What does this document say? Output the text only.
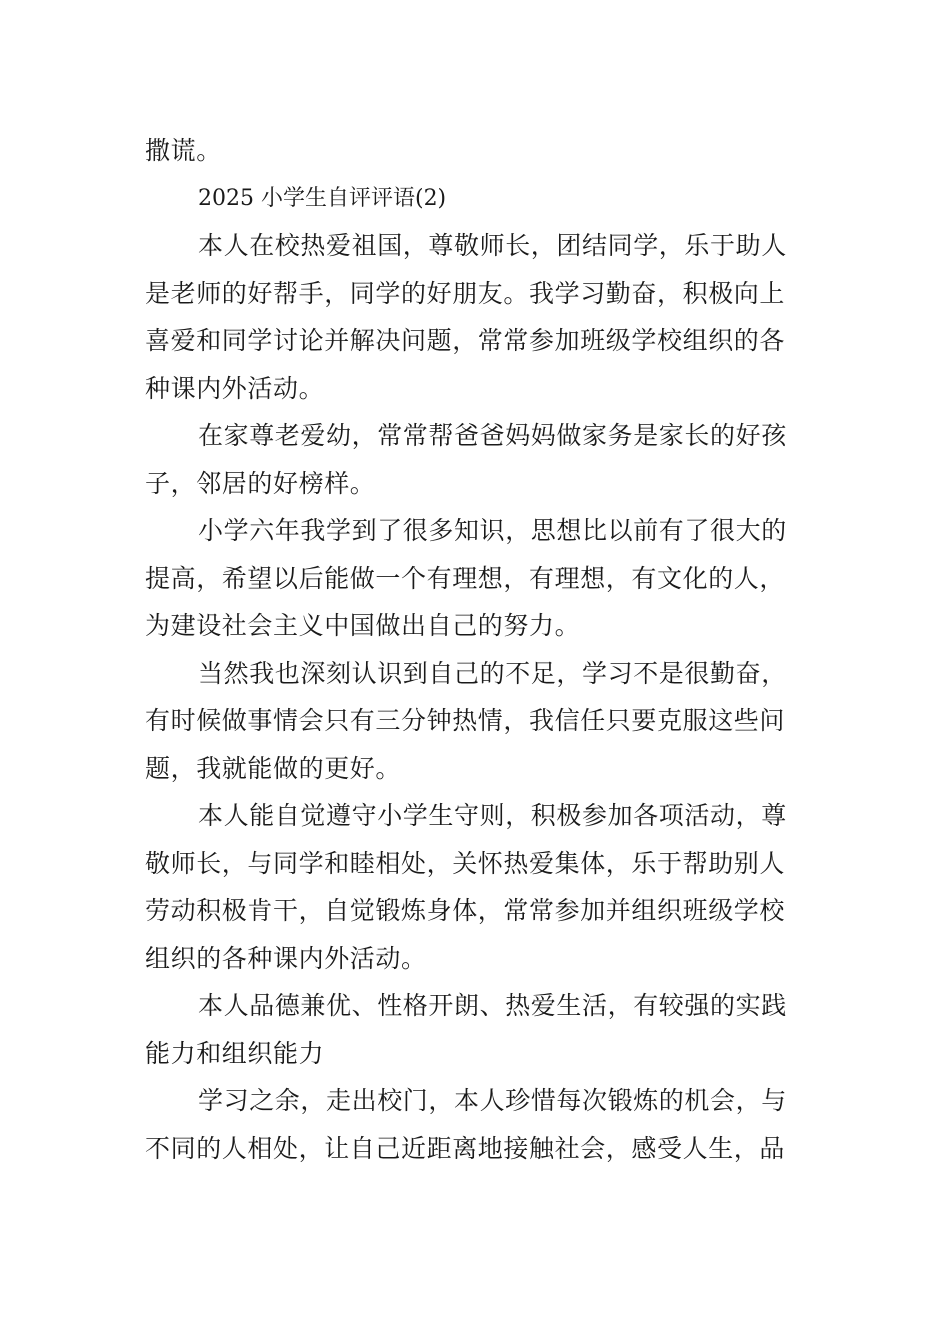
撒谎。
2025 小学生自评评语(2)
本人在校热爱祖国，尊敬师长，团结同学，乐于助人
是老师的好帮手，同学的好朋友。我学习勤奋，积极向上
喜爱和同学讨论并解决问题，常常参加班级学校组织的各
种课内外活动。
在家尊老爱幼，常常帮爸爸妈妈做家务是家长的好孩
子，邻居的好榜样。
小学六年我学到了很多知识，思想比以前有了很大的
提高，希望以后能做一个有理想，有理想，有文化的人，
为建设社会主义中国做出自己的努力。
当然我也深刻认识到自己的不足，学习不是很勤奋，
有时候做事情会只有三分钟热情，我信任只要克服这些问
题，我就能做的更好。
本人能自觉遵守小学生守则，积极参加各项活动，尊
敬师长，与同学和睦相处，关怀热爱集体，乐于帮助别人
劳动积极肯干，自觉锻炼身体，常常参加并组织班级学校
组织的各种课内外活动。
本人品德兼优、性格开朗、热爱生活，有较强的实践
能力和组织能力
学习之余，走出校门，本人珍惜每次锻炼的机会，与
不同的人相处，让自己近距离地接触社会，感受人生，品
